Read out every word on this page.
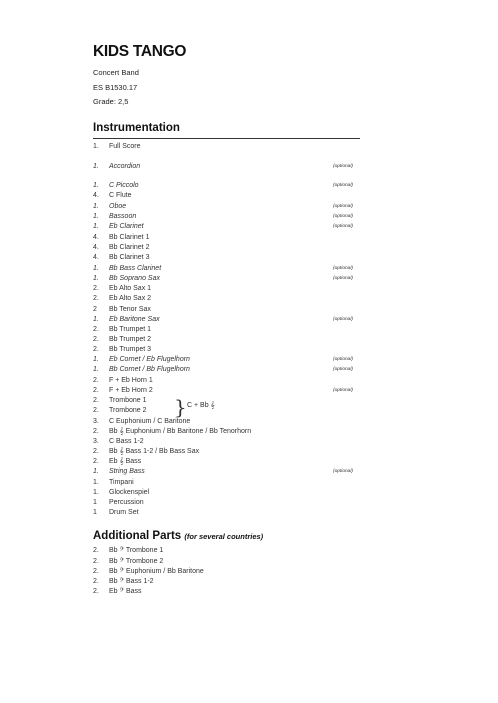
KIDS TANGO
Concert Band
ES B1530.17
Grade: 2,5
Instrumentation
1.	Full Score
1.	Accordion	(optional)
1.	C Piccolo	(optional)
4.	C Flute
1.	Oboe	(optional)
1.	Bassoon	(optional)
1.	Eb Clarinet	(optional)
4.	Bb Clarinet 1
4.	Bb Clarinet 2
4.	Bb Clarinet 3
1.	Bb Bass Clarinet	(optional)
1.	Bb Soprano Sax	(optional)
2.	Eb Alto Sax 1
2.	Eb Alto Sax 2
2	Bb Tenor Sax
1.	Eb Baritone Sax	(optional)
2.	Bb Trumpet 1
2.	Bb Trumpet 2
2.	Bb Trumpet 3
1.	Eb Cornet / Eb Flugelhorn	(optional)
1.	Bb Cornet / Bb Flugelhorn	(optional)
2.	F + Eb Horn 1
2.	F + Eb Horn 2	(optional)
2.	Trombone 1
2.	Trombone 2
3.	C Euphonium / C Baritone
2.	Bb 𝄞 Euphonium / Bb Baritone / Bb Tenorhorn
3.	C Bass 1-2
2.	Bb 𝄞 Bass 1-2 / Bb Bass Sax
2.	Eb 𝄞 Bass
1.	String Bass	(optional)
1.	Timpani
1.	Glockenspiel
1	Percussion
1	Drum Set
} C + Bb 𝄞
Additional Parts (for several countries)
2.	Bb 𝄢 Trombone 1
2.	Bb 𝄢 Trombone 2
2.	Bb 𝄢 Euphonium / Bb Baritone
2.	Bb 𝄢 Bass 1-2
2.	Eb 𝄢 Bass
